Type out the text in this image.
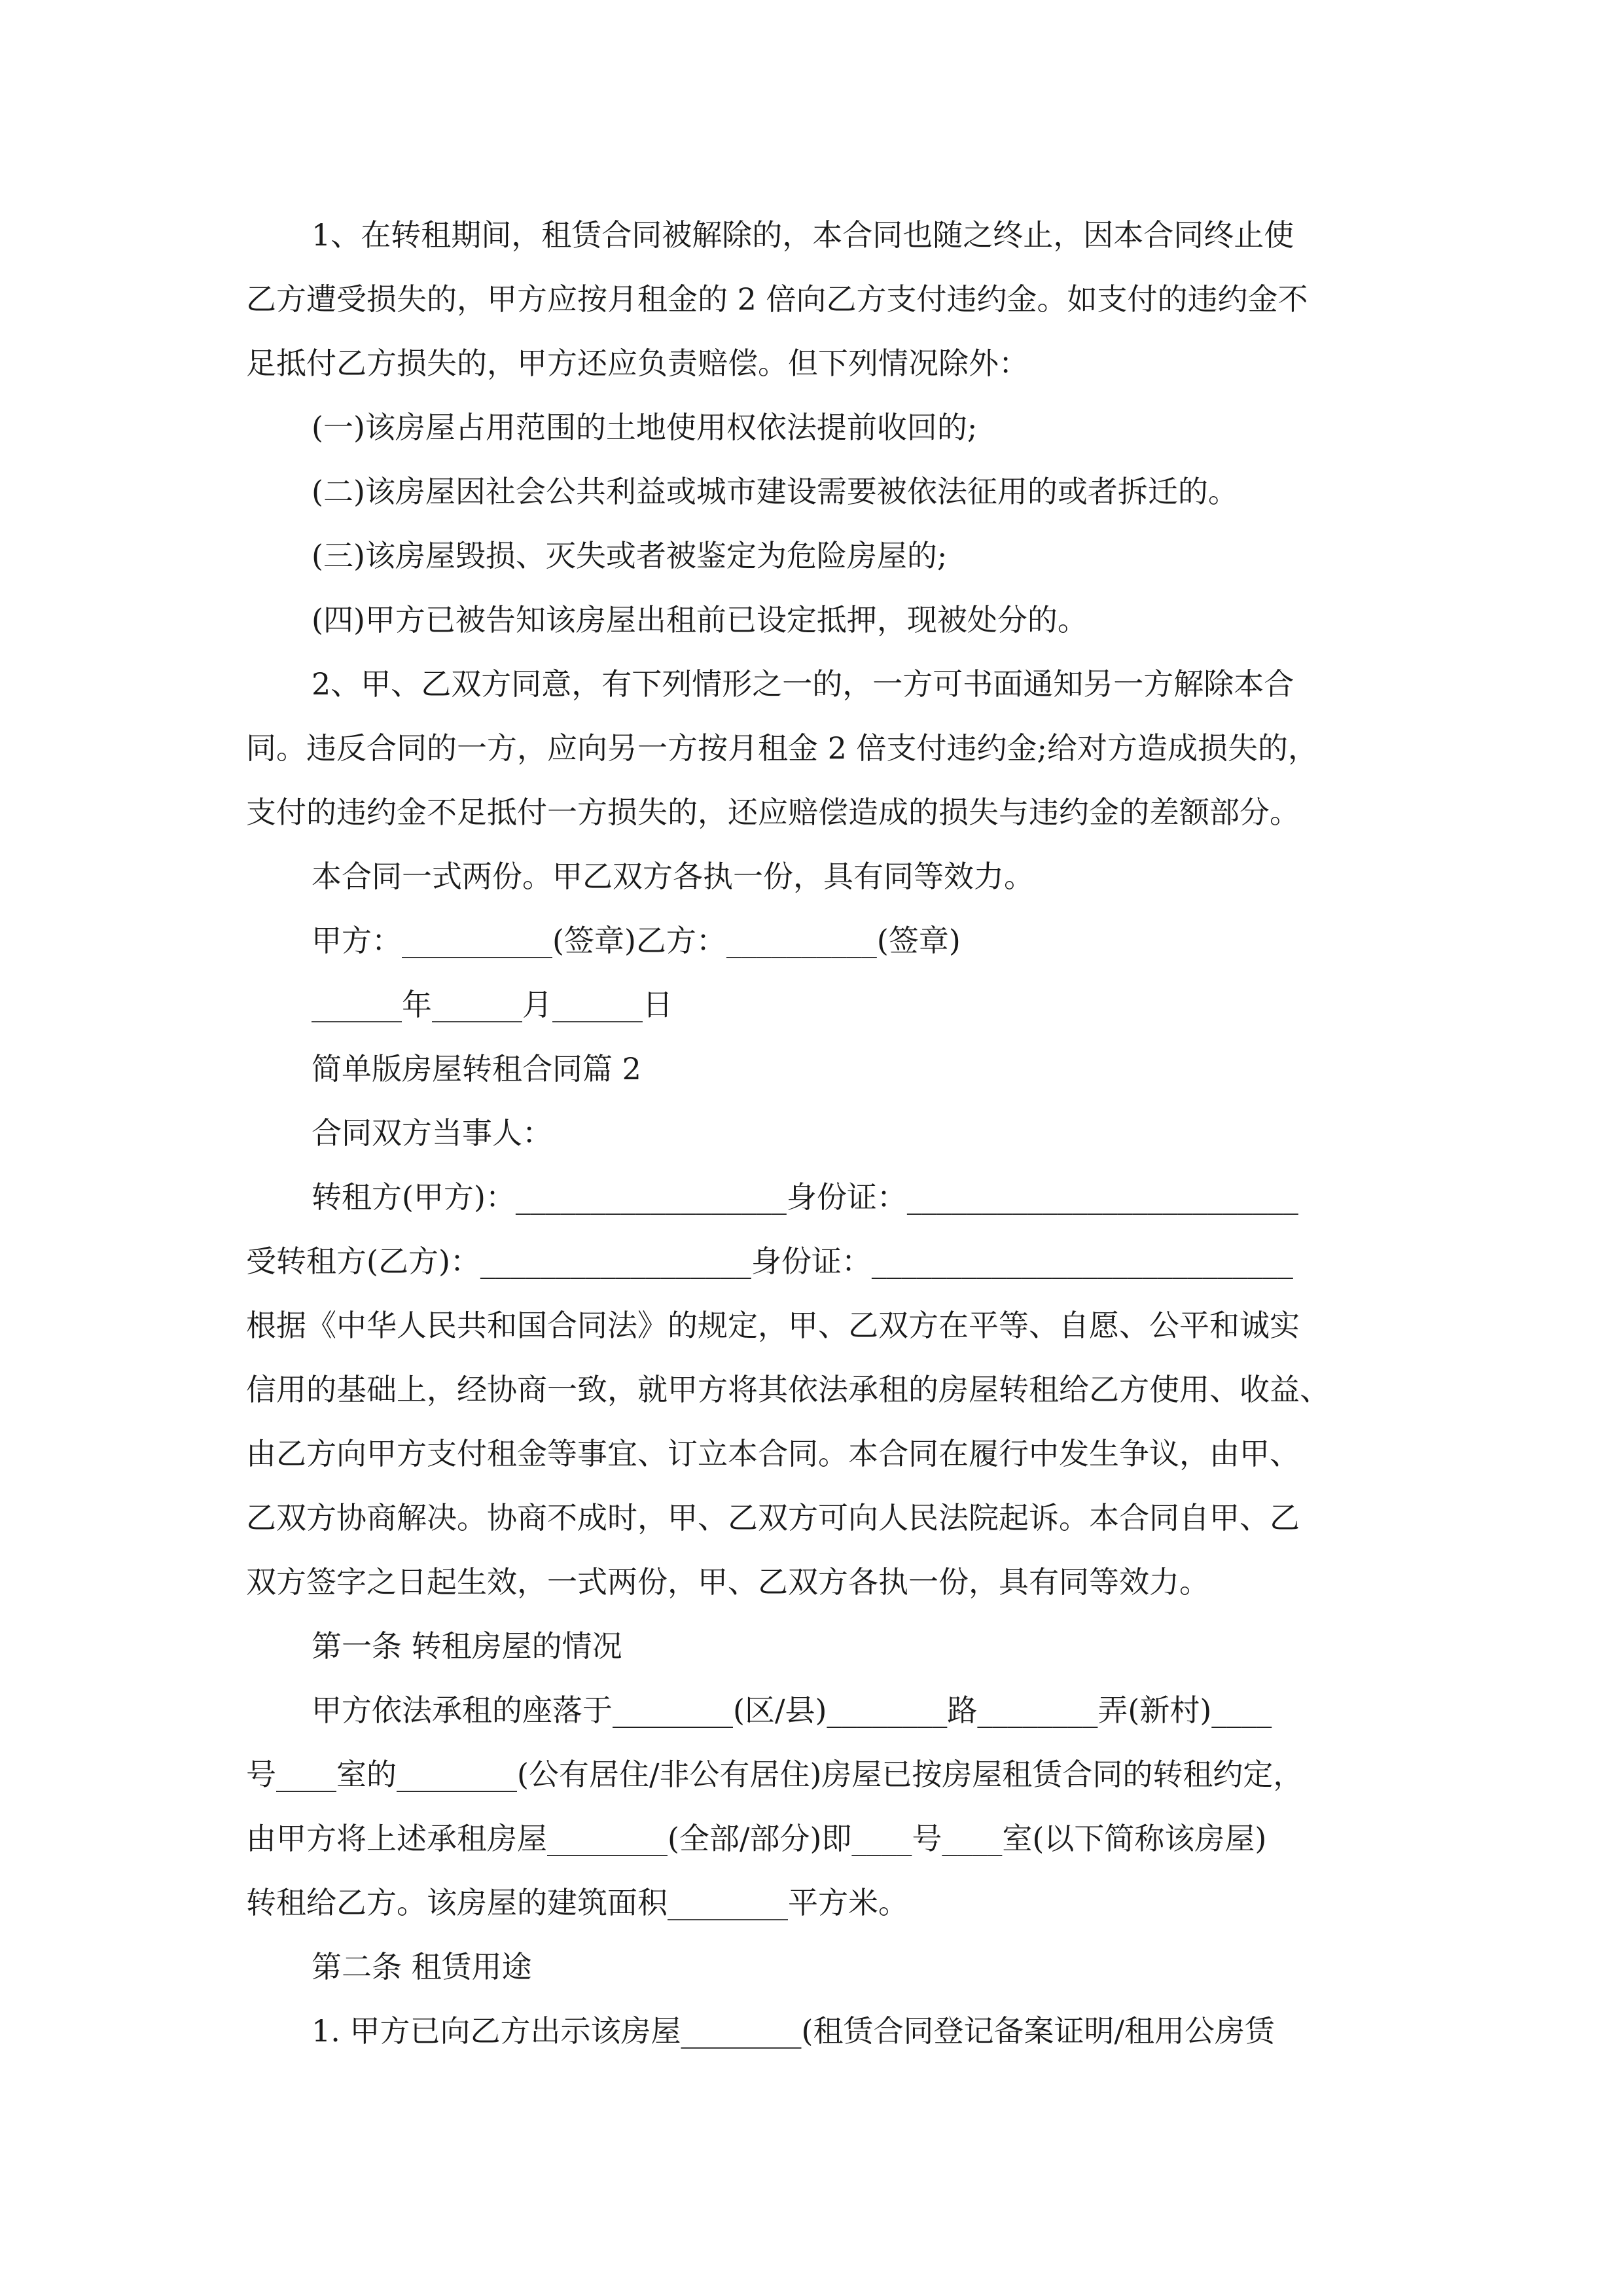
1、在转租期间，租赁合同被解除的，本合同也随之终止，因本合同终止使

乙方遭受损失的，甲方应按月租金的 2 倍向乙方支付违约金。如支付的违约金不

足抵付乙方损失的，甲方还应负责赔偿。但下列情况除外：

(一)该房屋占用范围的土地使用权依法提前收回的;

(二)该房屋因社会公共利益或城市建设需要被依法征用的或者拆迁的。

(三)该房屋毁损、灭失或者被鉴定为危险房屋的;

(四)甲方已被告知该房屋出租前已设定抵押，现被处分的。

2、甲、乙双方同意，有下列情形之一的，一方可书面通知另一方解除本合

同。违反合同的一方，应向另一方按月租金 2 倍支付违约金;给对方造成损失的，

支付的违约金不足抵付一方损失的，还应赔偿造成的损失与违约金的差额部分。

本合同一式两份。甲乙双方各执一份，具有同等效力。

甲方：__________(签章)乙方：__________(签章)

______年______月______日

简单版房屋转租合同篇 2

合同双方当事人：

转租方(甲方)：__________________身份证：__________________________

受转租方(乙方)：__________________身份证：____________________________

根据《中华人民共和国合同法》的规定，甲、乙双方在平等、自愿、公平和诚实

信用的基础上，经协商一致，就甲方将其依法承租的房屋转租给乙方使用、收益、

由乙方向甲方支付租金等事宜、订立本合同。本合同在履行中发生争议，由甲、

乙双方协商解决。协商不成时，甲、乙双方可向人民法院起诉。本合同自甲、乙

双方签字之日起生效，一式两份，甲、乙双方各执一份，具有同等效力。

第一条 转租房屋的情况

甲方依法承租的座落于________(区/县)________路________弄(新村)____

号____室的________(公有居住/非公有居住)房屋已按房屋租赁合同的转租约定，

由甲方将上述承租房屋________(全部/部分)即____号____室(以下简称该房屋)

转租给乙方。该房屋的建筑面积________平方米。

第二条 租赁用途

1. 甲方已向乙方出示该房屋________(租赁合同登记备案证明/租用公房赁
